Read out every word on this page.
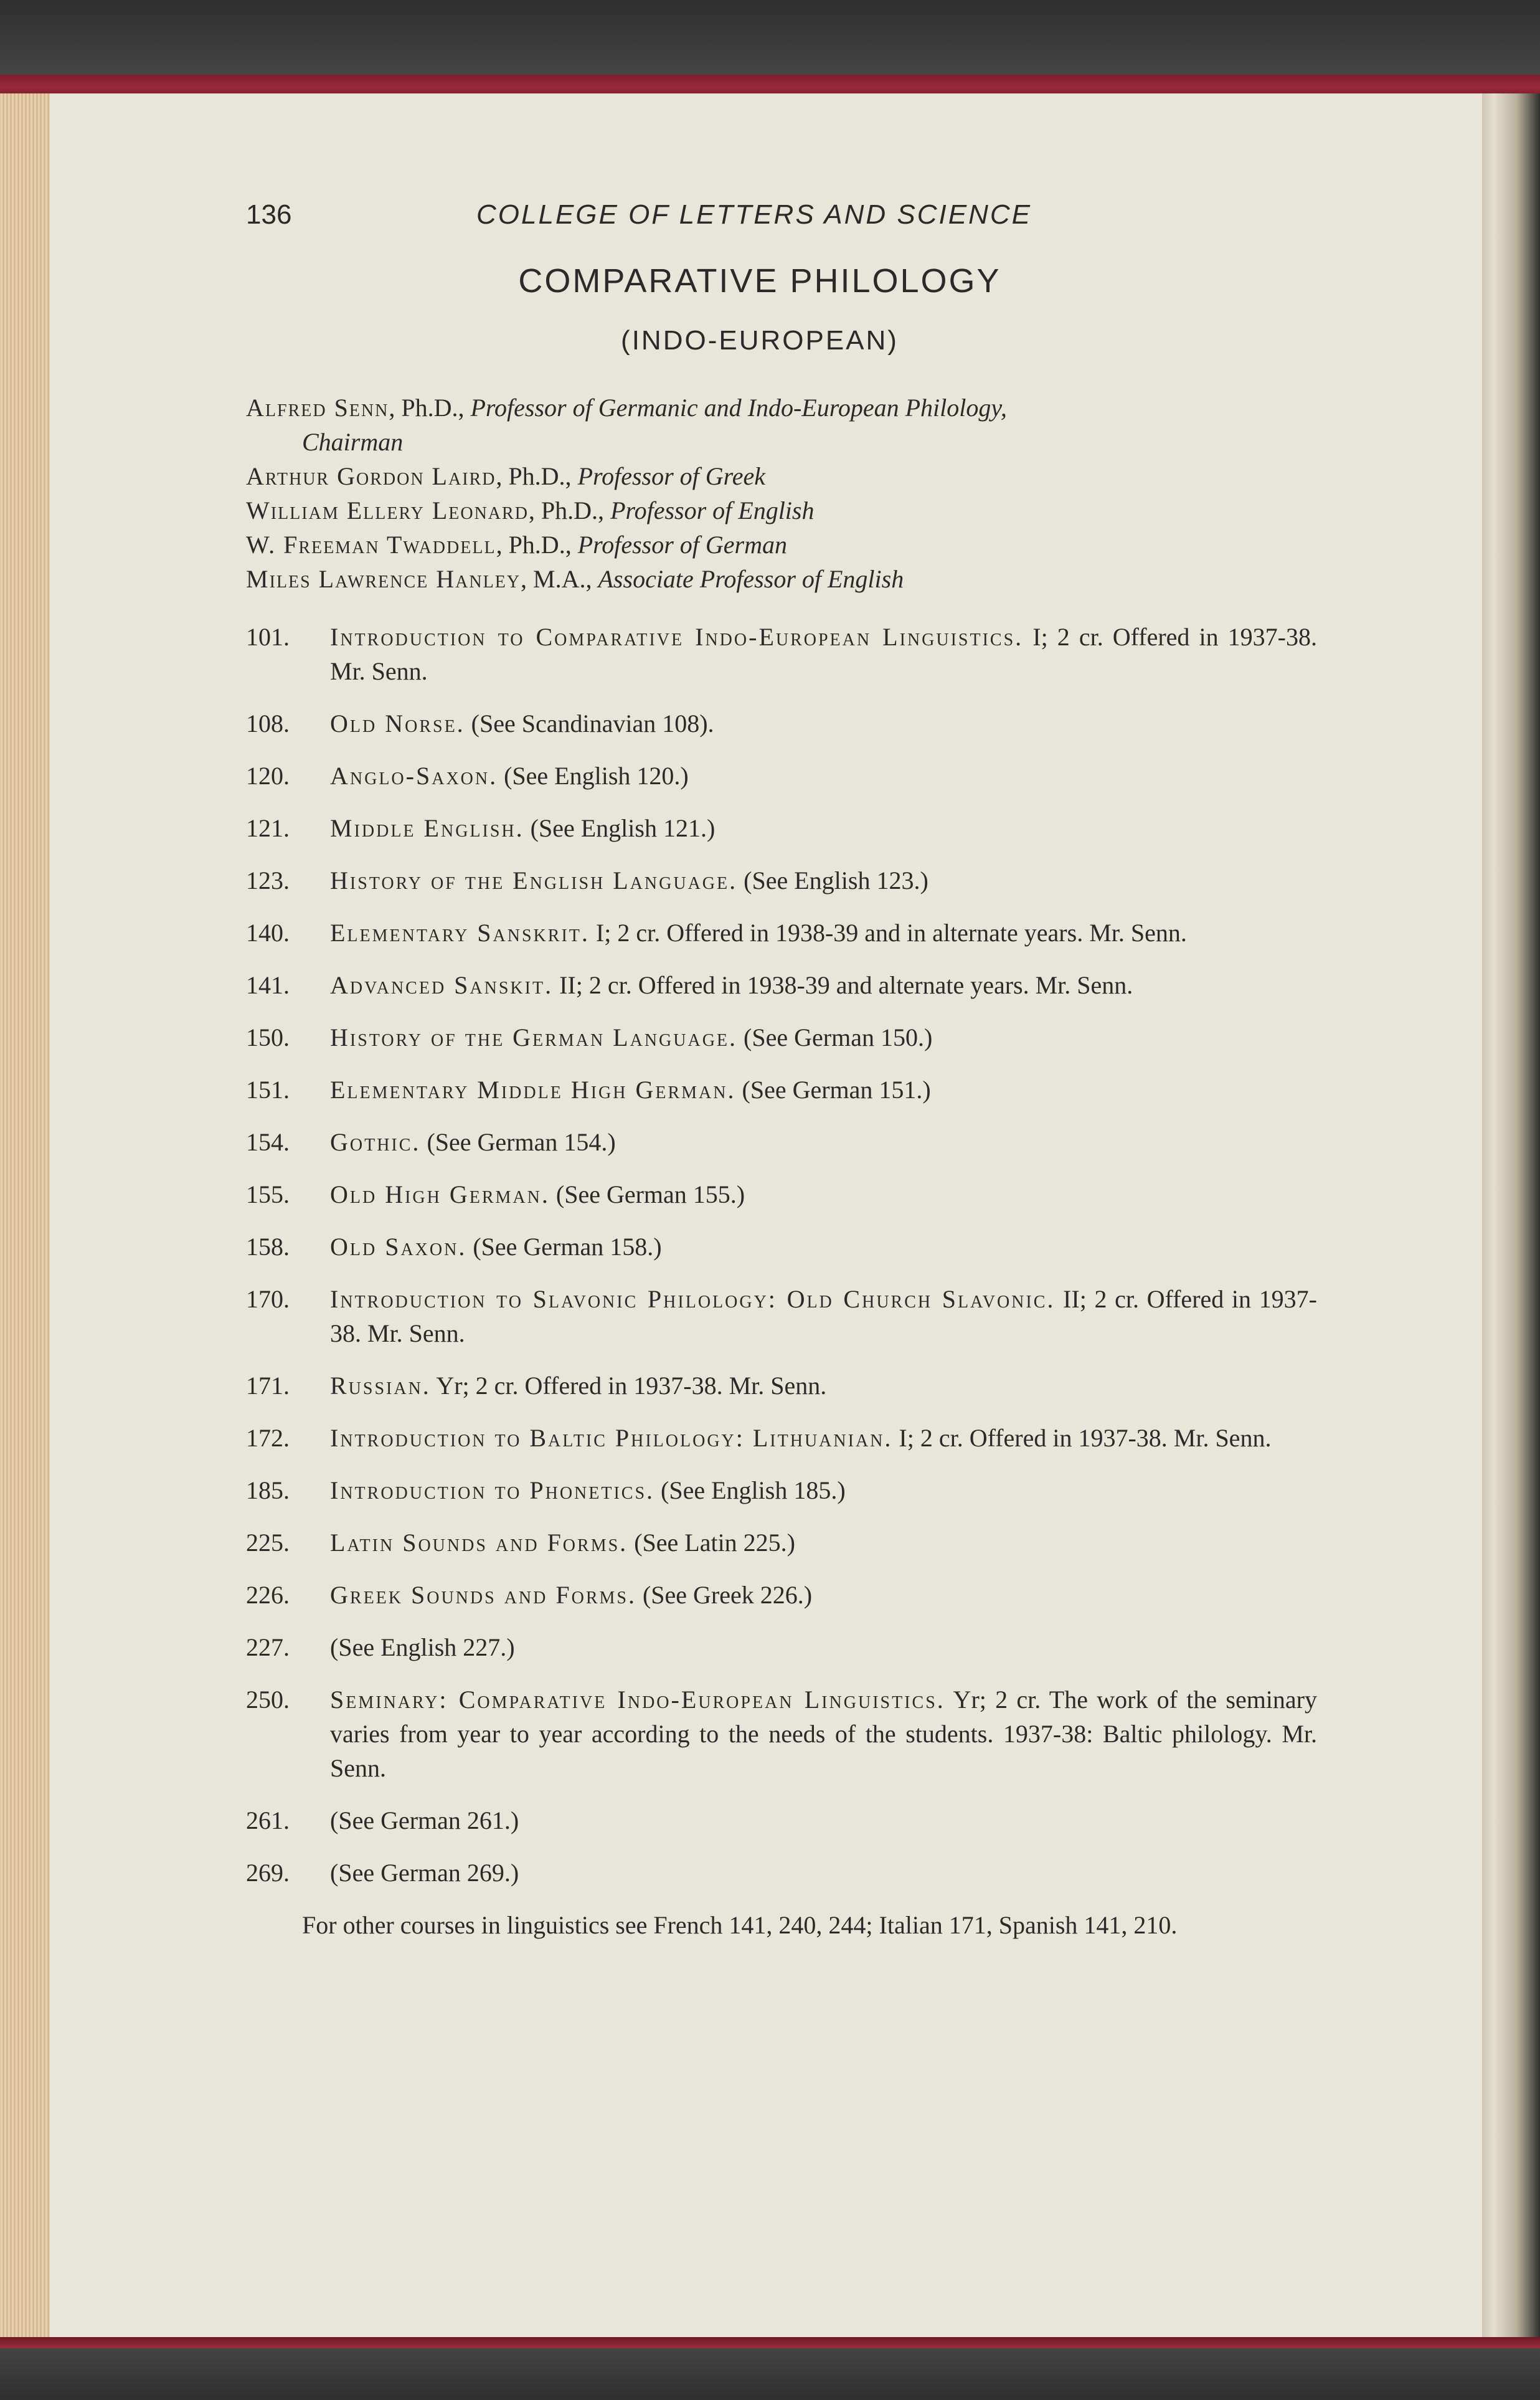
136	COLLEGE OF LETTERS AND SCIENCE
COMPARATIVE PHILOLOGY
(INDO-EUROPEAN)
Alfred Senn, Ph.D., Professor of Germanic and Indo-European Philology,
Chairman
Arthur Gordon Laird, Ph.D., Professor of Greek
William Ellery Leonard, Ph.D., Professor of English
W. Freeman Twaddell, Ph.D., Professor of German
Miles Lawrence Hanley, M.A., Associate Professor of English
101.	Introduction to Comparative Indo-European Linguistics. I; 2 cr. Offered in 1937-38. Mr. Senn.
108.	Old Norse. (See Scandinavian 108).
120.	Anglo-Saxon. (See English 120.)
121.	Middle English. (See English 121.)
123.	History of the English Language. (See English 123.)
140.	Elementary Sanskrit. I; 2 cr. Offered in 1938-39 and in alternate years. Mr. Senn.
141.	Advanced Sanskit. II; 2 cr. Offered in 1938-39 and alternate years. Mr. Senn.
150.	History of the German Language. (See German 150.)
151.	Elementary Middle High German. (See German 151.)
154.	Gothic. (See German 154.)
155.	Old High German. (See German 155.)
158.	Old Saxon. (See German 158.)
170.	Introduction to Slavonic Philology: Old Church Slavonic. II; 2 cr. Offered in 1937-38. Mr. Senn.
171.	Russian. Yr; 2 cr. Offered in 1937-38. Mr. Senn.
172.	Introduction to Baltic Philology: Lithuanian. I; 2 cr. Offered in 1937-38. Mr. Senn.
185.	Introduction to Phonetics. (See English 185.)
225.	Latin Sounds and Forms. (See Latin 225.)
226.	Greek Sounds and Forms. (See Greek 226.)
227.	(See English 227.)
250.	Seminary: Comparative Indo-European Linguistics. Yr; 2 cr. The work of the seminary varies from year to year according to the needs of the students. 1937-38: Baltic philology. Mr. Senn.
261.	(See German 261.)
269.	(See German 269.)
For other courses in linguistics see French 141, 240, 244; Italian 171, Spanish 141, 210.
